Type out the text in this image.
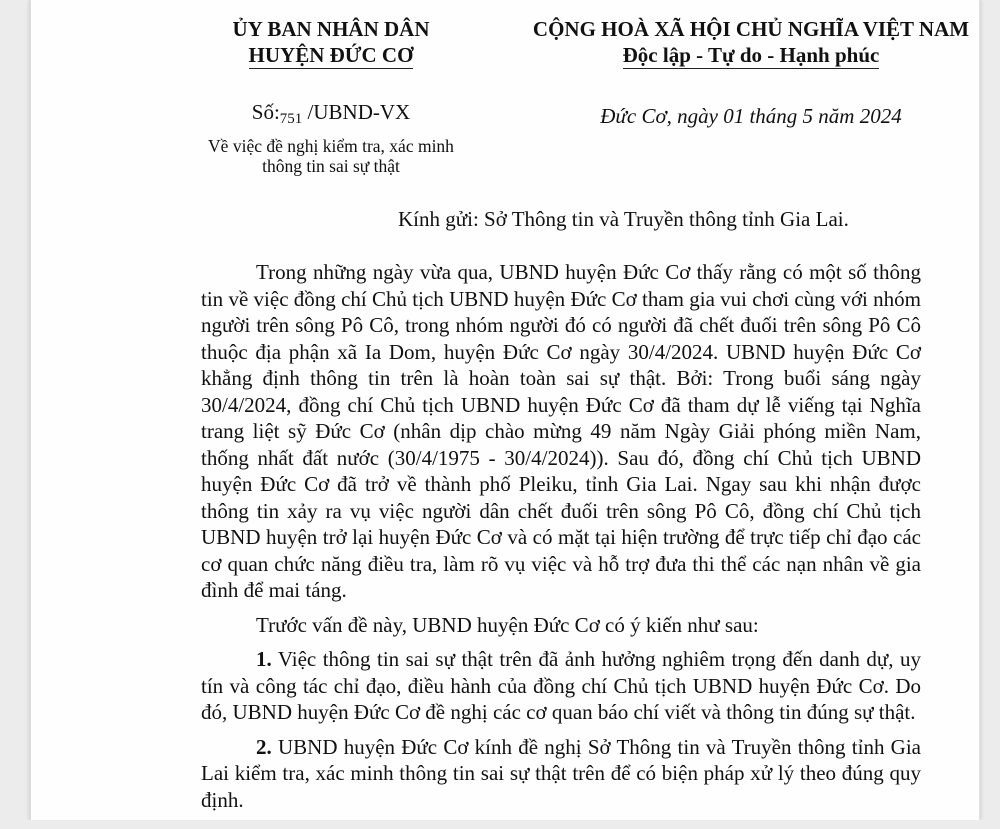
ỦY BAN NHÂN DÂN
HUYỆN ĐỨC CƠ
$Số:_{751}$ /UBND-VX
Về việc đề nghị kiểm tra, xác minh
thông tin sai sự thật
CỘNG HOÀ XÃ HỘI CHỦ NGHĨA VIỆT NAM
Độc lập - Tự do - Hạnh phúc
Đức Cơ, ngày 01 tháng 5 năm 2024
Kính gửi: Sở Thông tin và Truyền thông tỉnh Gia Lai.

Trong những ngày vừa qua, UBND huyện Đức Cơ thấy rằng có một số thông tin về việc đồng chí Chủ tịch UBND huyện Đức Cơ tham gia vui chơi cùng với nhóm người trên sông Pô Cô, trong nhóm người đó có người đã chết đuối trên sông Pô Cô thuộc địa phận xã Ia Dom, huyện Đức Cơ ngày 30/4/2024. UBND huyện Đức Cơ khẳng định thông tin trên là hoàn toàn sai sự thật. Bởi: Trong buổi sáng ngày 30/4/2024, đồng chí Chủ tịch UBND huyện Đức Cơ đã tham dự lễ viếng tại Nghĩa trang liệt sỹ Đức Cơ (nhân dịp chào mừng 49 năm Ngày Giải phóng miền Nam, thống nhất đất nước (30/4/1975 - 30/4/2024)). Sau đó, đồng chí Chủ tịch UBND huyện Đức Cơ đã trở về thành phố Pleiku, tỉnh Gia Lai. Ngay sau khi nhận được thông tin xảy ra vụ việc người dân chết đuối trên sông Pô Cô, đồng chí Chủ tịch UBND huyện trở lại huyện Đức Cơ và có mặt tại hiện trường để trực tiếp chỉ đạo các cơ quan chức năng điều tra, làm rõ vụ việc và hỗ trợ đưa thi thể các nạn nhân về gia đình để mai táng.

Trước vấn đề này, UBND huyện Đức Cơ có ý kiến như sau:

1. Việc thông tin sai sự thật trên đã ảnh hưởng nghiêm trọng đến danh dự, uy tín và công tác chỉ đạo, điều hành của đồng chí Chủ tịch UBND huyện Đức Cơ. Do đó, UBND huyện Đức Cơ đề nghị các cơ quan báo chí viết và thông tin đúng sự thật.

2. UBND huyện Đức Cơ kính đề nghị Sở Thông tin và Truyền thông tỉnh Gia Lai kiểm tra, xác minh thông tin sai sự thật trên để có biện pháp xử lý theo đúng quy định.
